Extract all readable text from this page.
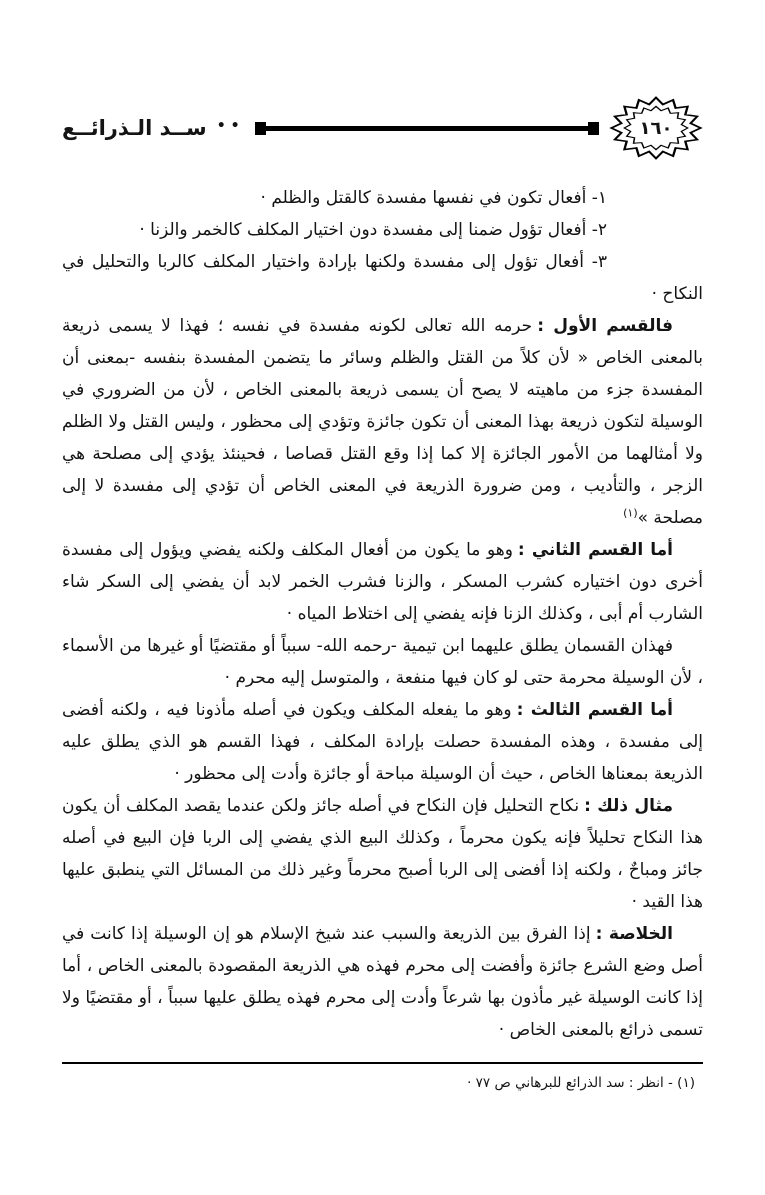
١٦٠
••
ســد الـذرائــع

١- أفعال تكون في نفسها مفسدة كالقتل والظلم ·

٢- أفعال تؤول ضمنا إلى مفسدة دون اختيار المكلف كالخمر والزنا ·

٣- أفعال تؤول إلى مفسدة ولكنها بإرادة واختيار المكلف كالربا والتحليل في النكاح ·

فالقسم الأول :حرمه الله تعالى لكونه مفسدة في نفسه ؛ فهذا لا يسمى ذريعة بالمعنى الخاص « لأن كلاً من القتل والظلم وسائر ما يتضمن المفسدة بنفسه -بمعنى أن المفسدة جزء من ماهيته لا يصح أن يسمى ذريعة بالمعنى الخاص ، لأن من الضروري في الوسيلة لتكون ذريعة بهذا المعنى أن تكون جائزة وتؤدي إلى محظور ، وليس القتل ولا الظلم ولا أمثالهما من الأمور الجائزة إلا كما إذا وقع القتل قصاصا ، فحينئذ يؤدي إلى مصلحة هي الزجر ، والتأديب ، ومن ضرورة الذريعة في المعنى الخاص أن تؤدي إلى مفسدة لا إلى مصلحة »$^{(١)}$

أما القسم الثاني :وهو ما يكون من أفعال المكلف ولكنه يفضي ويؤول إلى مفسدة أخرى دون اختياره كشرب المسكر ، والزنا فشرب الخمر لابد أن يفضي إلى السكر شاء الشارب أم أبى ، وكذلك الزنا فإنه يفضي إلى اختلاط المياه ·

فهذان القسمان يطلق عليهما ابن تيمية -رحمه الله- سبباً أو مقتضيًا أو غيرها من الأسماء ، لأن الوسيلة محرمة حتى لو كان فيها منفعة ، والمتوسل إليه محرم ·

أما القسم الثالث :وهو ما يفعله المكلف ويكون في أصله مأذونا فيه ، ولكنه أفضى إلى مفسدة ، وهذه المفسدة حصلت بإرادة المكلف ، فهذا القسم هو الذي يطلق عليه الذريعة بمعناها الخاص ، حيث أن الوسيلة مباحة أو جائزة وأدت إلى محظور ·

مثال ذلك :نكاح التحليل فإن النكاح في أصله جائز ولكن عندما يقصد المكلف أن يكون هذا النكاح تحليلاً فإنه يكون محرماً ، وكذلك البيع الذي يفضي إلى الربا فإن البيع في أصله جائز ومباحٌ ، ولكنه إذا أفضى إلى الربا أصبح محرماً وغير ذلك من المسائل التي ينطبق عليها هذا القيد ·

الخلاصة :إذا الفرق بين الذريعة والسبب عند شيخ الإسلام هو إن الوسيلة إذا كانت في أصل وضع الشرع جائزة وأفضت إلى محرم فهذه هي الذريعة المقصودة بالمعنى الخاص ، أما إذا كانت الوسيلة غير مأذون بها شرعاً وأدت إلى محرم فهذه يطلق عليها سبباً ، أو مقتضيًا ولا تسمى ذرائع بالمعنى الخاص ·

(١) - انظر : سد الذرائع للبرهاني ص ٧٧ ·
